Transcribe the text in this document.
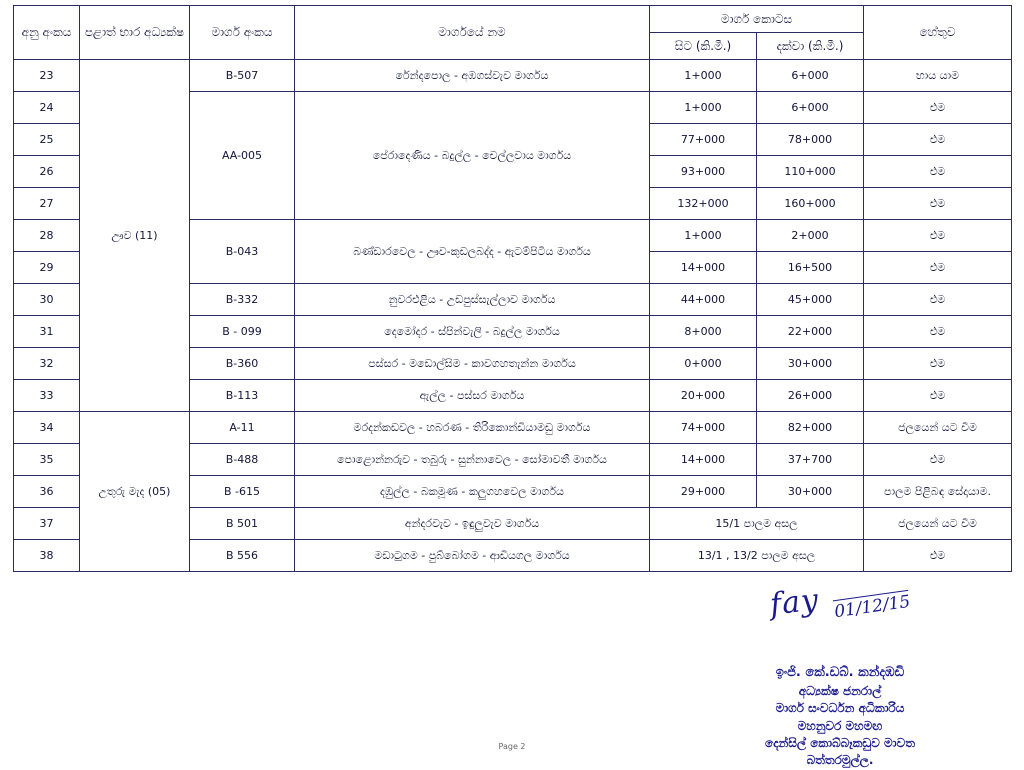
අනු අංකය	පළාත් භාර අධ්‍යක්ෂ	මාර්ග අංකය	මාර්ගයේ නම	මාර්ග කොටස		හේතුව
				සිට (කි.මී.)	දක්වා (කි.මී.)	
23	ඌව (11)	B-507	රේන්දපොල - අඹගස්වැව මාර්ගය	1+000	6+000	භාය යාම
24		AA-005	පේරාදෙණිය - බදුල්ල - චෙල්ලවාය මාර්ගය	1+000	6+000	එම
25				77+000	78+000	එම
26				93+000	110+000	එම
27				132+000	160+000	එම
28		B-043	බණ්ඩාරවෙල - ඌව-කුඩලබද්ද - ඇටම්පිටිය මාර්ගය	1+000	2+000	එම
29				14+000	16+500	එම
30		B-332	නුවරඑළිය - උඩපුස්සැල්ලාව මාර්ගය	44+000	45+000	එම
31		B - 099	දෙමෝදර - ස්පින්වැලි - බදුල්ල මාර්ගය	8+000	22+000	එම
32		B-360	පස්සර - මඩොල්සිම - කාවගහතැන්න මාර්ගය	0+000	30+000	එම
33		B-113	ඇල්ල - පස්සර මාර්ගය	20+000	26+000	එම
34	උතුරු මැද (05)	A-11	මරදන්කඩවල - හබරණ - තිරිකොන්ඩියාමඩු මාර්ගය	74+000	82+000	ජලයෙන් යට වීම
35		B-488	පොළොන්නරුව - තබුරු - සුන්නාවෙල - සෝමාවතී මාර්ගය	14+000	37+700	එම
36		B -615	දඹුල්ල - බකමූණ - කලුගහවෙල මාර්ගය	29+000	30+000	පාලම පිළිබඳ සේදායාම.
37		B 501	අන්දරවැව - ඉඳුලුවැව මාර්ගය	15/1 පාලම අසල		ජලයෙන් යට වීම
38		B 556	මඩාටුගම - පුබ්බෝගම - ආඩියගල මාර්ගය	13/1 , 13/2 පාලම අසල		එම
fay 01/12/15
ඉංජි. කේ.ඩබ්. කන්දඹඩි
අධ්‍යක්ෂ ජනරාල්
මාර්ග සංවර්ධන අධිකාරිය
මහනුවර මහමඟ
දෙන්සිල් කොබ්බෑකඩුව මාවත
බත්තරමුල්ල.
Page 2
